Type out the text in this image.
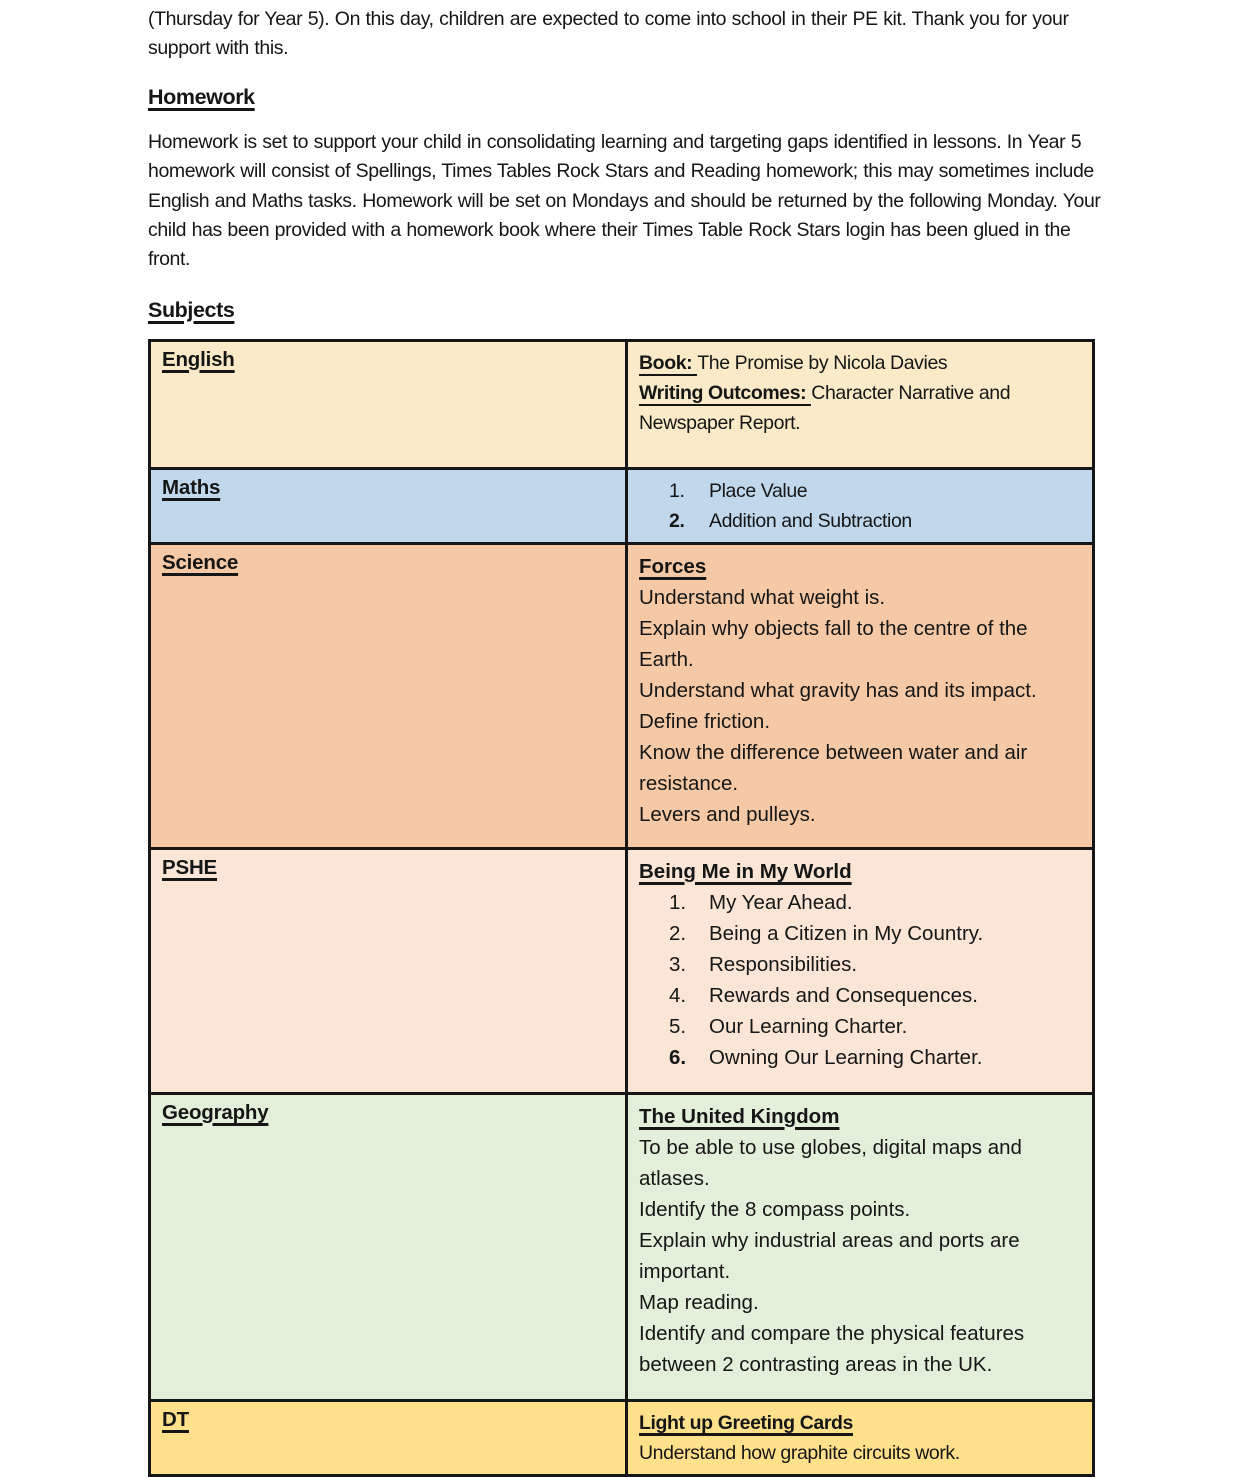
(Thursday for Year 5). On this day, children are expected to come into school in their PE kit. Thank you for your support with this.

Homework

Homework is set to support your child in consolidating learning and targeting gaps identified in lessons. In Year 5 homework will consist of Spellings, Times Tables Rock Stars and Reading homework; this may sometimes include English and Maths tasks. Homework will be set on Mondays and should be returned by the following Monday. Your child has been provided with a homework book where their Times Table Rock Stars login has been glued in the front.

Subjects
English	Book: The Promise by Nicola Davies
Writing Outcomes: Character Narrative and Newspaper Report.

Maths	1. Place Value
2. Addition and Subtraction

Science	Forces
Understand what weight is.
Explain why objects fall to the centre of the Earth.
Understand what gravity has and its impact.
Define friction.
Know the difference between water and air resistance.
Levers and pulleys.

PSHE	Being Me in My World
1.	My Year Ahead.
2.	Being a Citizen in My Country.
3.	Responsibilities.
4.	Rewards and Consequences.
5.	Our Learning Charter.
6.	Owning Our Learning Charter.

Geography	The United Kingdom
To be able to use globes, digital maps and atlases.
Identify the 8 compass points.
Explain why industrial areas and ports are important.
Map reading.
Identify and compare the physical features between 2 contrasting areas in the UK.

DT	Light up Greeting Cards
Understand how graphite circuits work.
